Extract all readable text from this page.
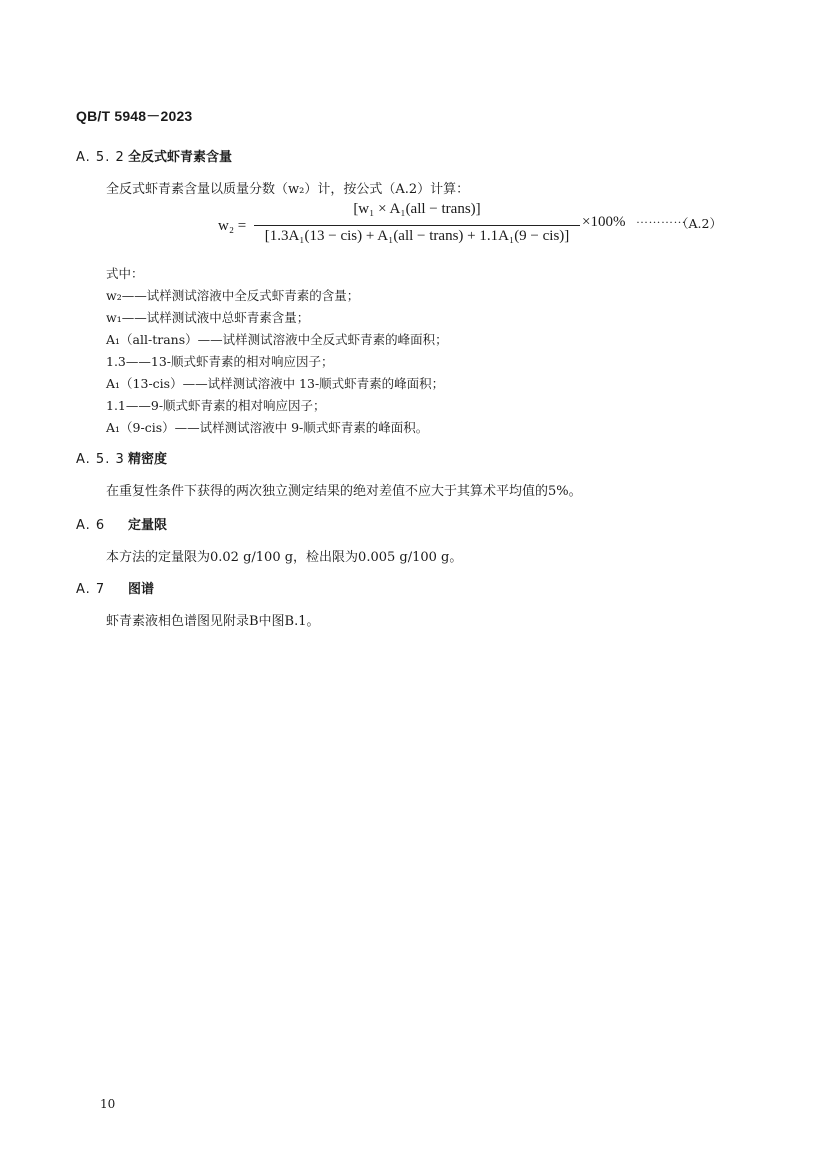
QB/T 5948－2023
A. 5. 2 全反式虾青素含量
全反式虾青素含量以质量分数（w₂）计，按公式（A.2）计算：
w₂ =
[w₁ × A₁(all − trans)]
[1.3A₁(13 − cis) + A₁(all − trans) + 1.1A₁(9 − cis)]
×100% …………
（A.2）
式中：
w₂——试样测试溶液中全反式虾青素的含量；
w₁——试样测试液中总虾青素含量；
A₁（all-trans）——试样测试溶液中全反式虾青素的峰面积；
1.3——13-顺式虾青素的相对响应因子；
A₁（13-cis）——试样测试溶液中 13-顺式虾青素的峰面积；
1.1——9-顺式虾青素的相对响应因子；
A₁（9-cis）——试样测试溶液中 9-顺式虾青素的峰面积。
A. 5. 3 精密度
在重复性条件下获得的两次独立测定结果的绝对差值不应大于其算术平均值的5%。
A. 6 定量限
本方法的定量限为0.02 g/100 g，检出限为0.005 g/100 g。
A. 7 图谱
虾青素液相色谱图见附录B中图B.1。
10
